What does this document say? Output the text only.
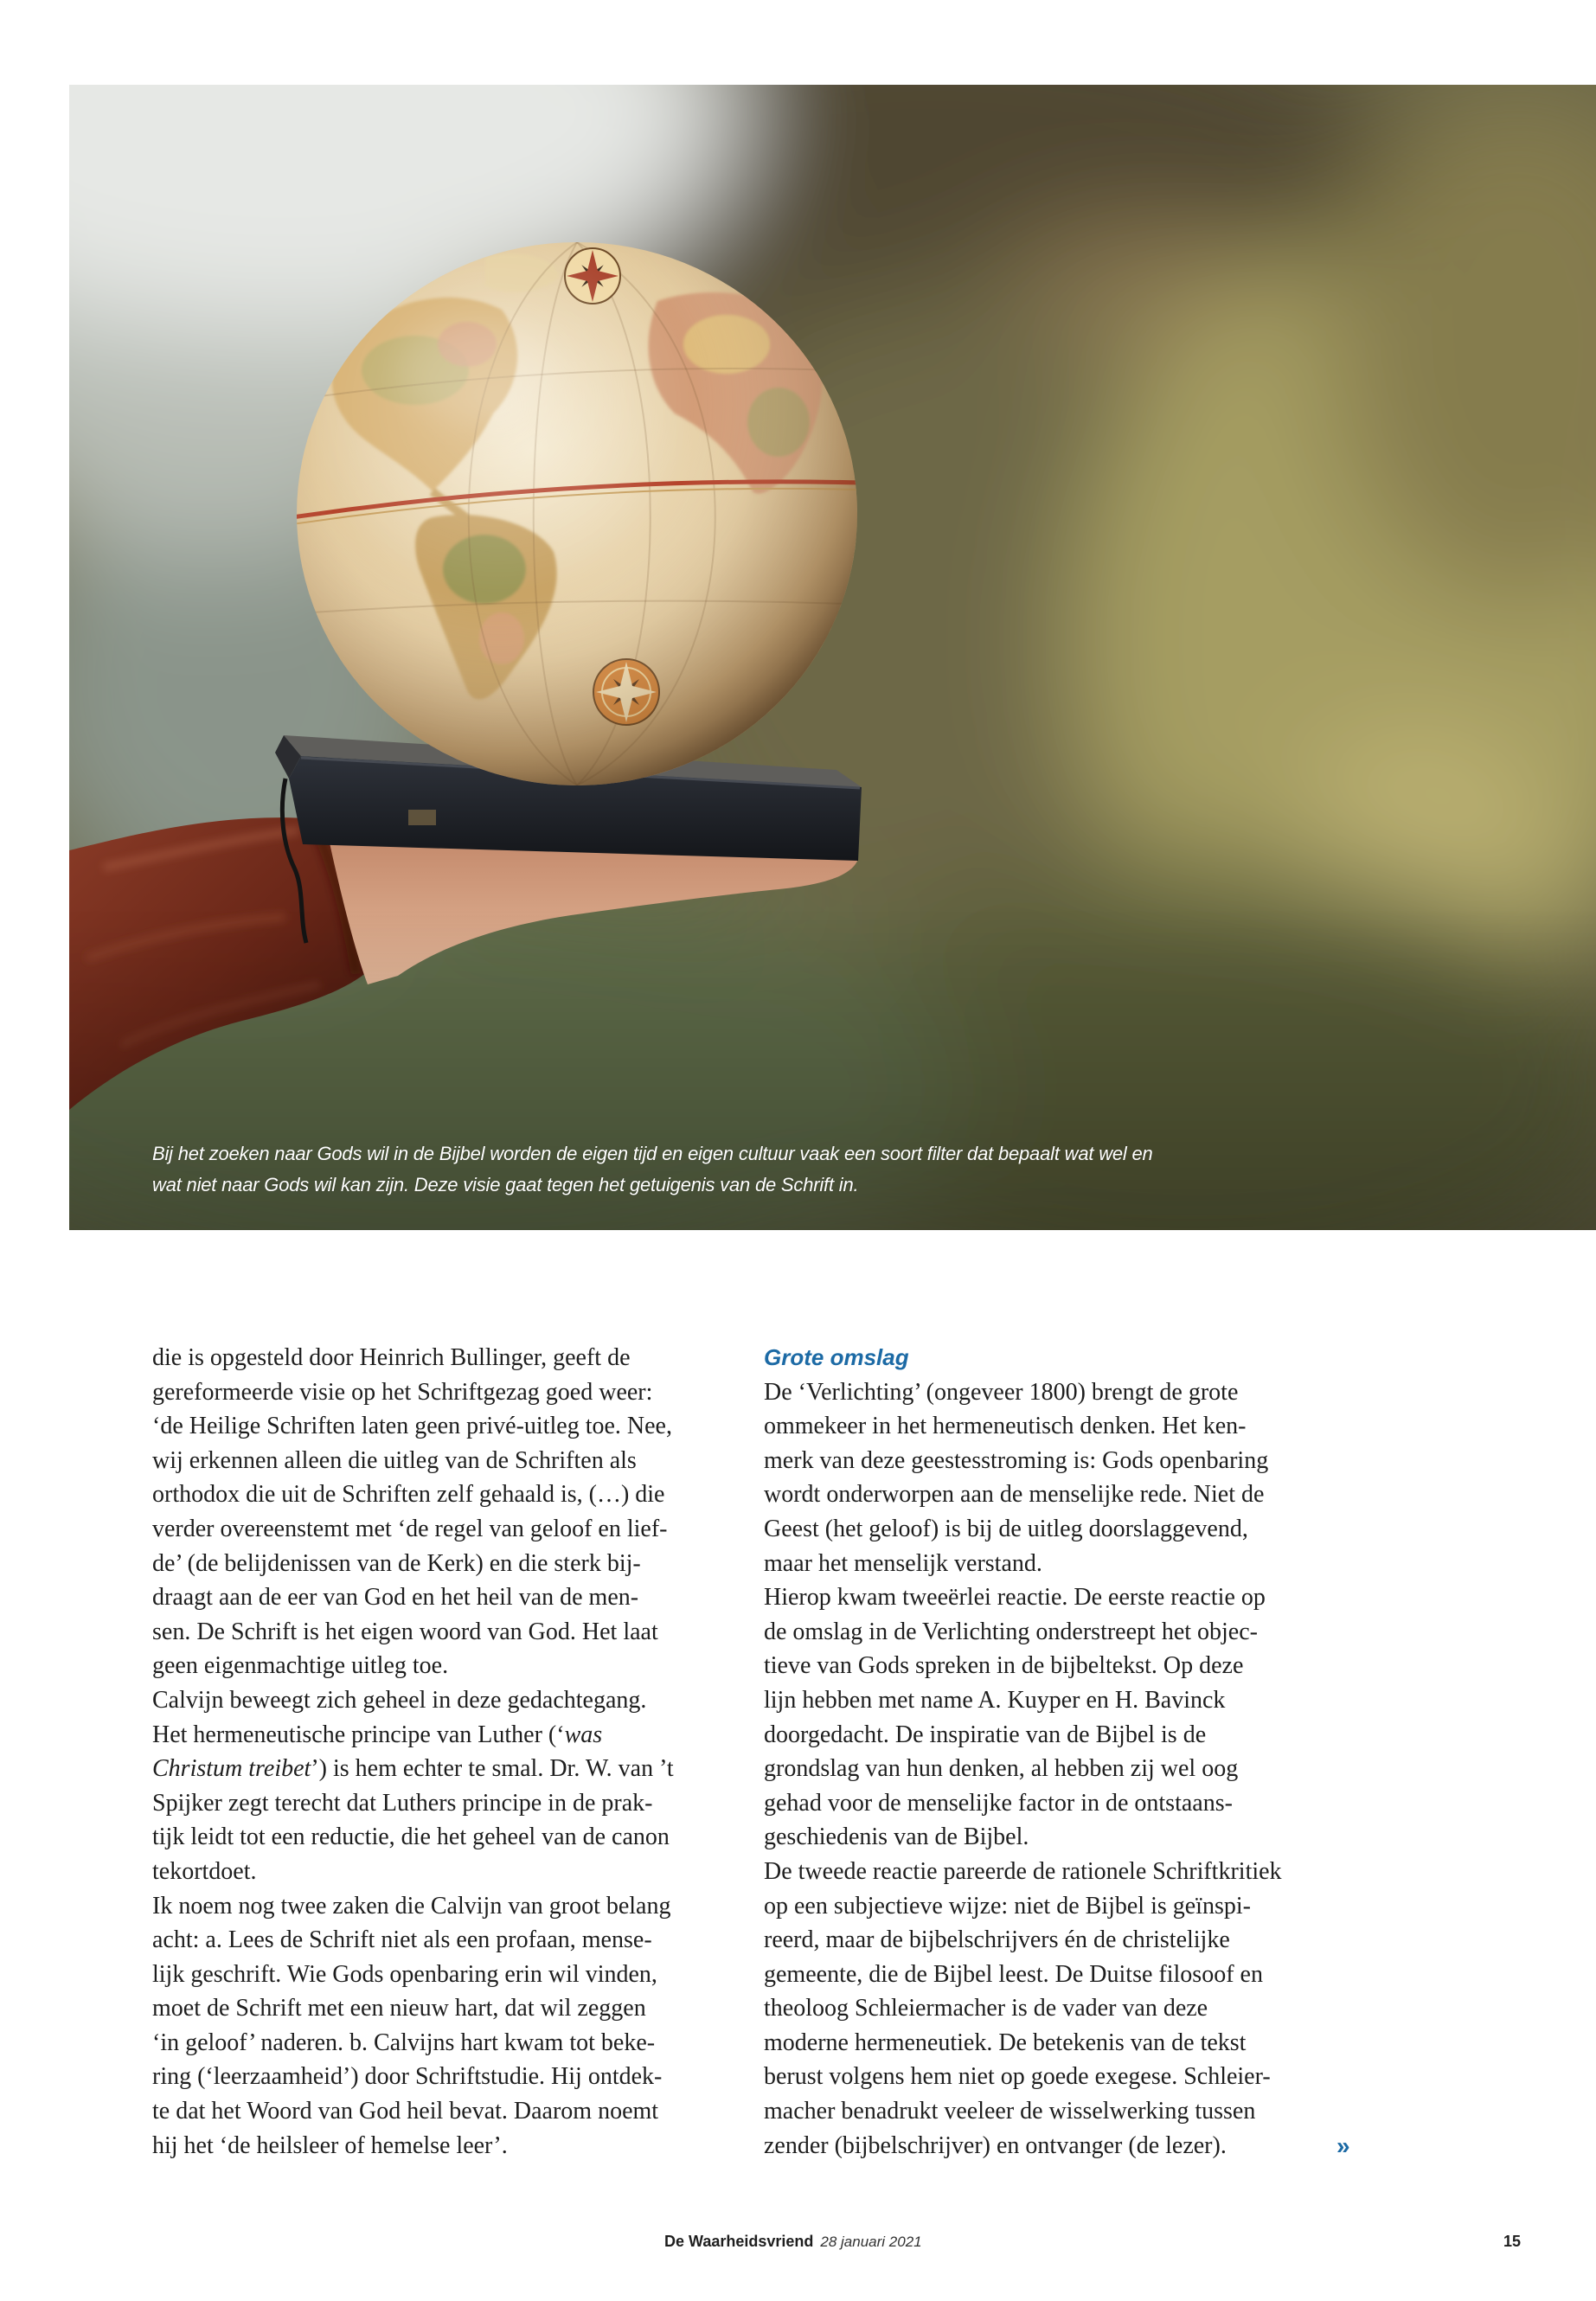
Bij het zoeken naar Gods wil in de Bijbel worden de eigen tijd en eigen cultuur vaak een soort filter dat bepaalt wat wel en
wat niet naar Gods wil kan zijn. Deze visie gaat tegen het getuigenis van de Schrift in.
die is opgesteld door Heinrich Bullinger, geeft de
gereformeerde visie op het Schriftgezag goed weer:
‘de Heilige Schriften laten geen privé-uitleg toe. Nee,
wij erkennen alleen die uitleg van de Schriften als
orthodox die uit de Schriften zelf gehaald is, (…) die
verder overeenstemt met ‘de regel van geloof en lief-
de’ (de belijdenissen van de Kerk) en die sterk bij-
draagt aan de eer van God en het heil van de men-
sen. De Schrift is het eigen woord van God. Het laat
geen eigenmachtige uitleg toe.
Calvijn beweegt zich geheel in deze gedachtegang.
Het hermeneutische principe van Luther (‘was
Christum treibet’) is hem echter te smal. Dr. W. van ’t
Spijker zegt terecht dat Luthers principe in de prak-
tijk leidt tot een reductie, die het geheel van de canon
tekortdoet.
Ik noem nog twee zaken die Calvijn van groot belang
acht: a. Lees de Schrift niet als een profaan, mense-
lijk geschrift. Wie Gods openbaring erin wil vinden,
moet de Schrift met een nieuw hart, dat wil zeggen
‘in geloof’ naderen. b. Calvijns hart kwam tot beke-
ring (‘leerzaamheid’) door Schriftstudie. Hij ontdek-
te dat het Woord van God heil bevat. Daarom noemt
hij het ‘de heilsleer of hemelse leer’.
Grote omslag
De ‘Verlichting’ (ongeveer 1800) brengt de grote
ommekeer in het hermeneutisch denken. Het ken-
merk van deze geestesstroming is: Gods openbaring
wordt onderworpen aan de menselijke rede. Niet de
Geest (het geloof) is bij de uitleg doorslaggevend,
maar het menselijk verstand.
Hierop kwam tweeërlei reactie. De eerste reactie op
de omslag in de Verlichting onderstreept het objec-
tieve van Gods spreken in de bijbeltekst. Op deze
lijn hebben met name A. Kuyper en H. Bavinck
doorgedacht. De inspiratie van de Bijbel is de
grondslag van hun denken, al hebben zij wel oog
gehad voor de menselijke factor in de ontstaans-
geschiedenis van de Bijbel.
De tweede reactie pareerde de rationele Schriftkritiek
op een subjectieve wijze: niet de Bijbel is geïnspi-
reerd, maar de bijbelschrijvers én de christelijke
gemeente, die de Bijbel leest. De Duitse filosoof en
theoloog Schleiermacher is de vader van deze
moderne hermeneutiek. De betekenis van de tekst
berust volgens hem niet op goede exegese. Schleier-
macher benadrukt veeleer de wisselwerking tussen
zender (bijbelschrijver) en ontvanger (de lezer).	»
De Waarheidsvriend 28 januari 2021	15
